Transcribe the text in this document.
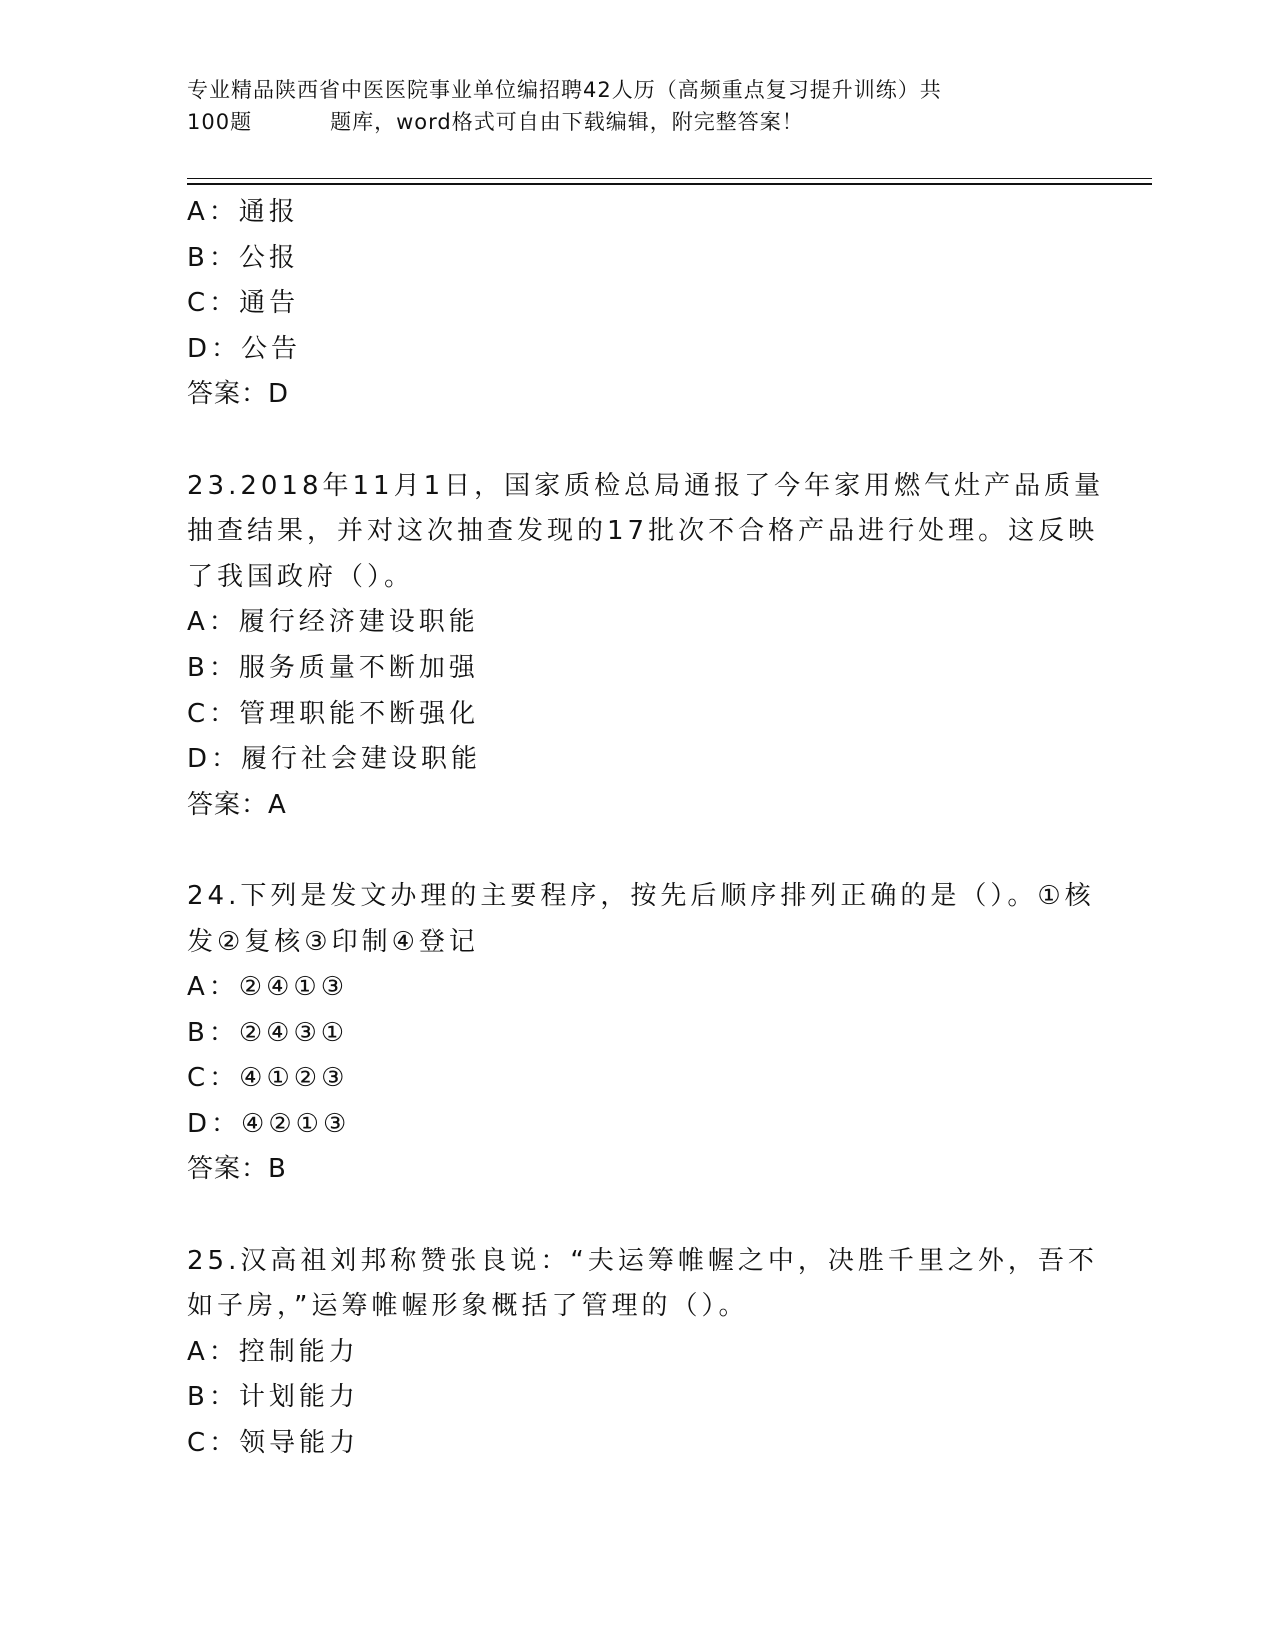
专业精品陕西省中医医院事业单位编招聘42人历（高频重点复习提升训练）共
100题	题库，word格式可自由下载编辑，附完整答案！
A：通报
B：公报
C：通告
D：公告
答案：D
23.2018年11月1日，国家质检总局通报了今年家用燃气灶产品质量
抽查结果，并对这次抽查发现的17批次不合格产品进行处理。这反映
了我国政府（）。
A：履行经济建设职能
B：服务质量不断加强
C：管理职能不断强化
D：履行社会建设职能
答案：A
24.下列是发文办理的主要程序，按先后顺序排列正确的是（）。①核
发②复核③印制④登记
A：②④①③
B：②④③①
C：④①②③
D：④②①③
答案：B
25.汉高祖刘邦称赞张良说：“夫运筹帷幄之中，决胜千里之外，吾不
如子房，”运筹帷幄形象概括了管理的（）。
A：控制能力
B：计划能力
C：领导能力
